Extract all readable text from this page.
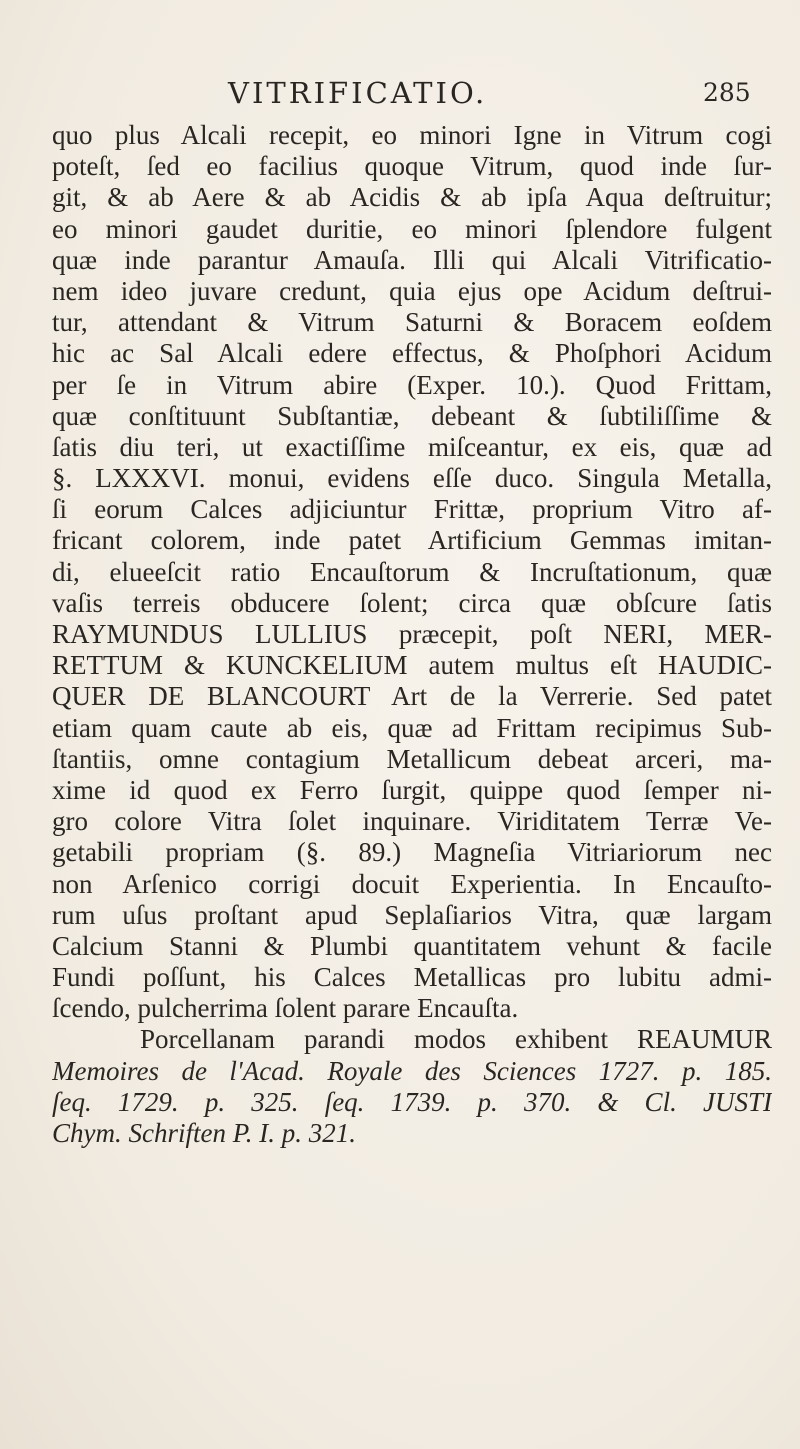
VITRIFICATIO.	285
quo plus Alcali recepit, eo minori Igne in Vitrum cogi
poteſt, ſed eo facilius quoque Vitrum, quod inde ſur-
git, & ab Aere & ab Acidis & ab ipſa Aqua deſtruitur;
eo minori gaudet duritie, eo minori ſplendore fulgent
quæ inde parantur Amauſa. Illi qui Alcali Vitrificatio-
nem ideo juvare credunt, quia ejus ope Acidum deſtrui-
tur, attendant & Vitrum Saturni & Boracem eoſdem
hic ac Sal Alcali edere effectus, & Phoſphori Acidum
per ſe in Vitrum abire (Exper. 10.). Quod Frittam,
quæ conſtituunt Subſtantiæ, debeant & ſubtiliſſime &
ſatis diu teri, ut exactiſſime miſceantur, ex eis, quæ ad
§. LXXXVI. monui, evidens eſſe duco. Singula Metalla,
ſi eorum Calces adjiciuntur Frittæ, proprium Vitro af-
fricant colorem, inde patet Artificium Gemmas imitan-
di, elueeſcit ratio Encauſtorum & Incruſtationum, quæ
vaſis terreis obducere ſolent; circa quæ obſcure ſatis
RAYMUNDUS LULLIUS præcepit, poſt NERI, MER-
RETTUM & KUNCKELIUM autem multus eſt HAUDIC-
QUER DE BLANCOURT Art de la Verrerie. Sed patet
etiam quam caute ab eis, quæ ad Frittam recipimus Sub-
ſtantiis, omne contagium Metallicum debeat arceri, ma-
xime id quod ex Ferro ſurgit, quippe quod ſemper ni-
gro colore Vitra ſolet inquinare. Viriditatem Terræ Ve-
getabili propriam (§. 89.) Magneſia Vitriariorum nec
non Arſenico corrigi docuit Experientia. In Encauſto-
rum uſus proſtant apud Seplaſiarios Vitra, quæ largam
Calcium Stanni & Plumbi quantitatem vehunt & facile
Fundi poſſunt, his Calces Metallicas pro lubitu admi-
ſcendo, pulcherrima ſolent parare Encauſta.
Porcellanam parandi modos exhibent REAUMUR
Memoires de l'Acad. Royale des Sciences 1727. p. 185.
ſeq. 1729. p. 325. ſeq. 1739. p. 370. & Cl. JUSTI
Chym. Schriften P. I. p. 321.
